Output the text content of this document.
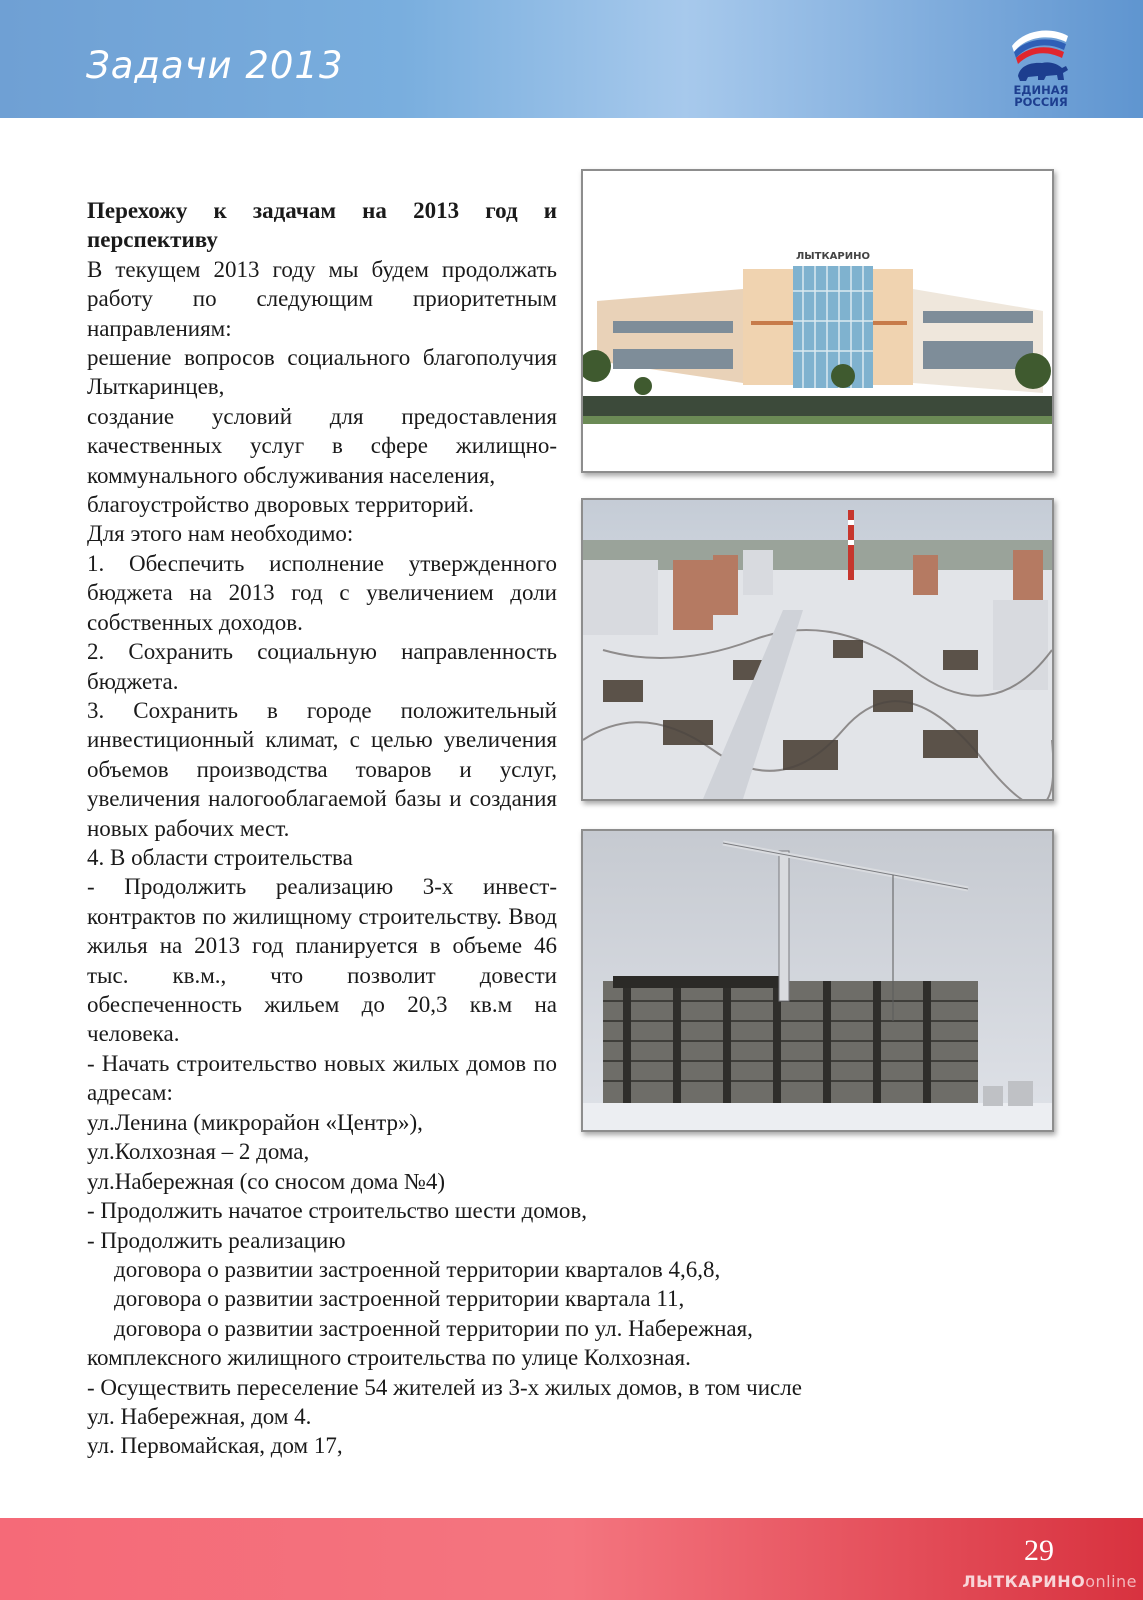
Задачи 2013
ЕДИНАЯ
РОССИЯ

Перехожу к задачам на 2013 год и перспективу

В текущем 2013 году мы будем продолжать работу по следующим приоритетным направлениям:

решение вопросов социального благополучия Лыткаринцев,

создание условий для предоставления качественных услуг в сфере жилищно-коммунального обслуживания населения,

благоустройство дворовых территорий.

Для этого нам необходимо:

1. Обеспечить исполнение утвержденного бюджета на 2013 год с увеличением доли собственных доходов.

2. Сохранить социальную направленность бюджета.

3. Сохранить в городе положительный инвестиционный климат, с целью увеличения объемов производства товаров и услуг, увеличения налогооблагаемой базы и создания новых рабочих мест.

4. В области строительства

- Продолжить реализацию 3-х инвест-контрактов по жилищному строительству. Ввод жилья на 2013 год планируется в объеме 46 тыс. кв.м., что позволит довести обеспеченность жильем до 20,3 кв.м на человека.

- Начать строительство новых жилых домов по адресам:

ул.Ленина (микрорайон «Центр»),

ул.Колхозная – 2 дома,

ул.Набережная (со сносом дома №4)

- Продолжить начатое строительство шести домов,

- Продолжить реализацию

договора о развитии застроенной территории кварталов 4,6,8,

договора о развитии застроенной территории квартала 11,

договора о развитии застроенной территории по ул. Набережная,

комплексного жилищного строительства по улице Колхозная.

- Осуществить переселение 54 жителей из 3-х жилых домов, в том числе

ул. Набережная, дом 4.

ул. Первомайская, дом 17,

ЛЫТКАРИНО
29
ЛЫТКАРИНОonline
